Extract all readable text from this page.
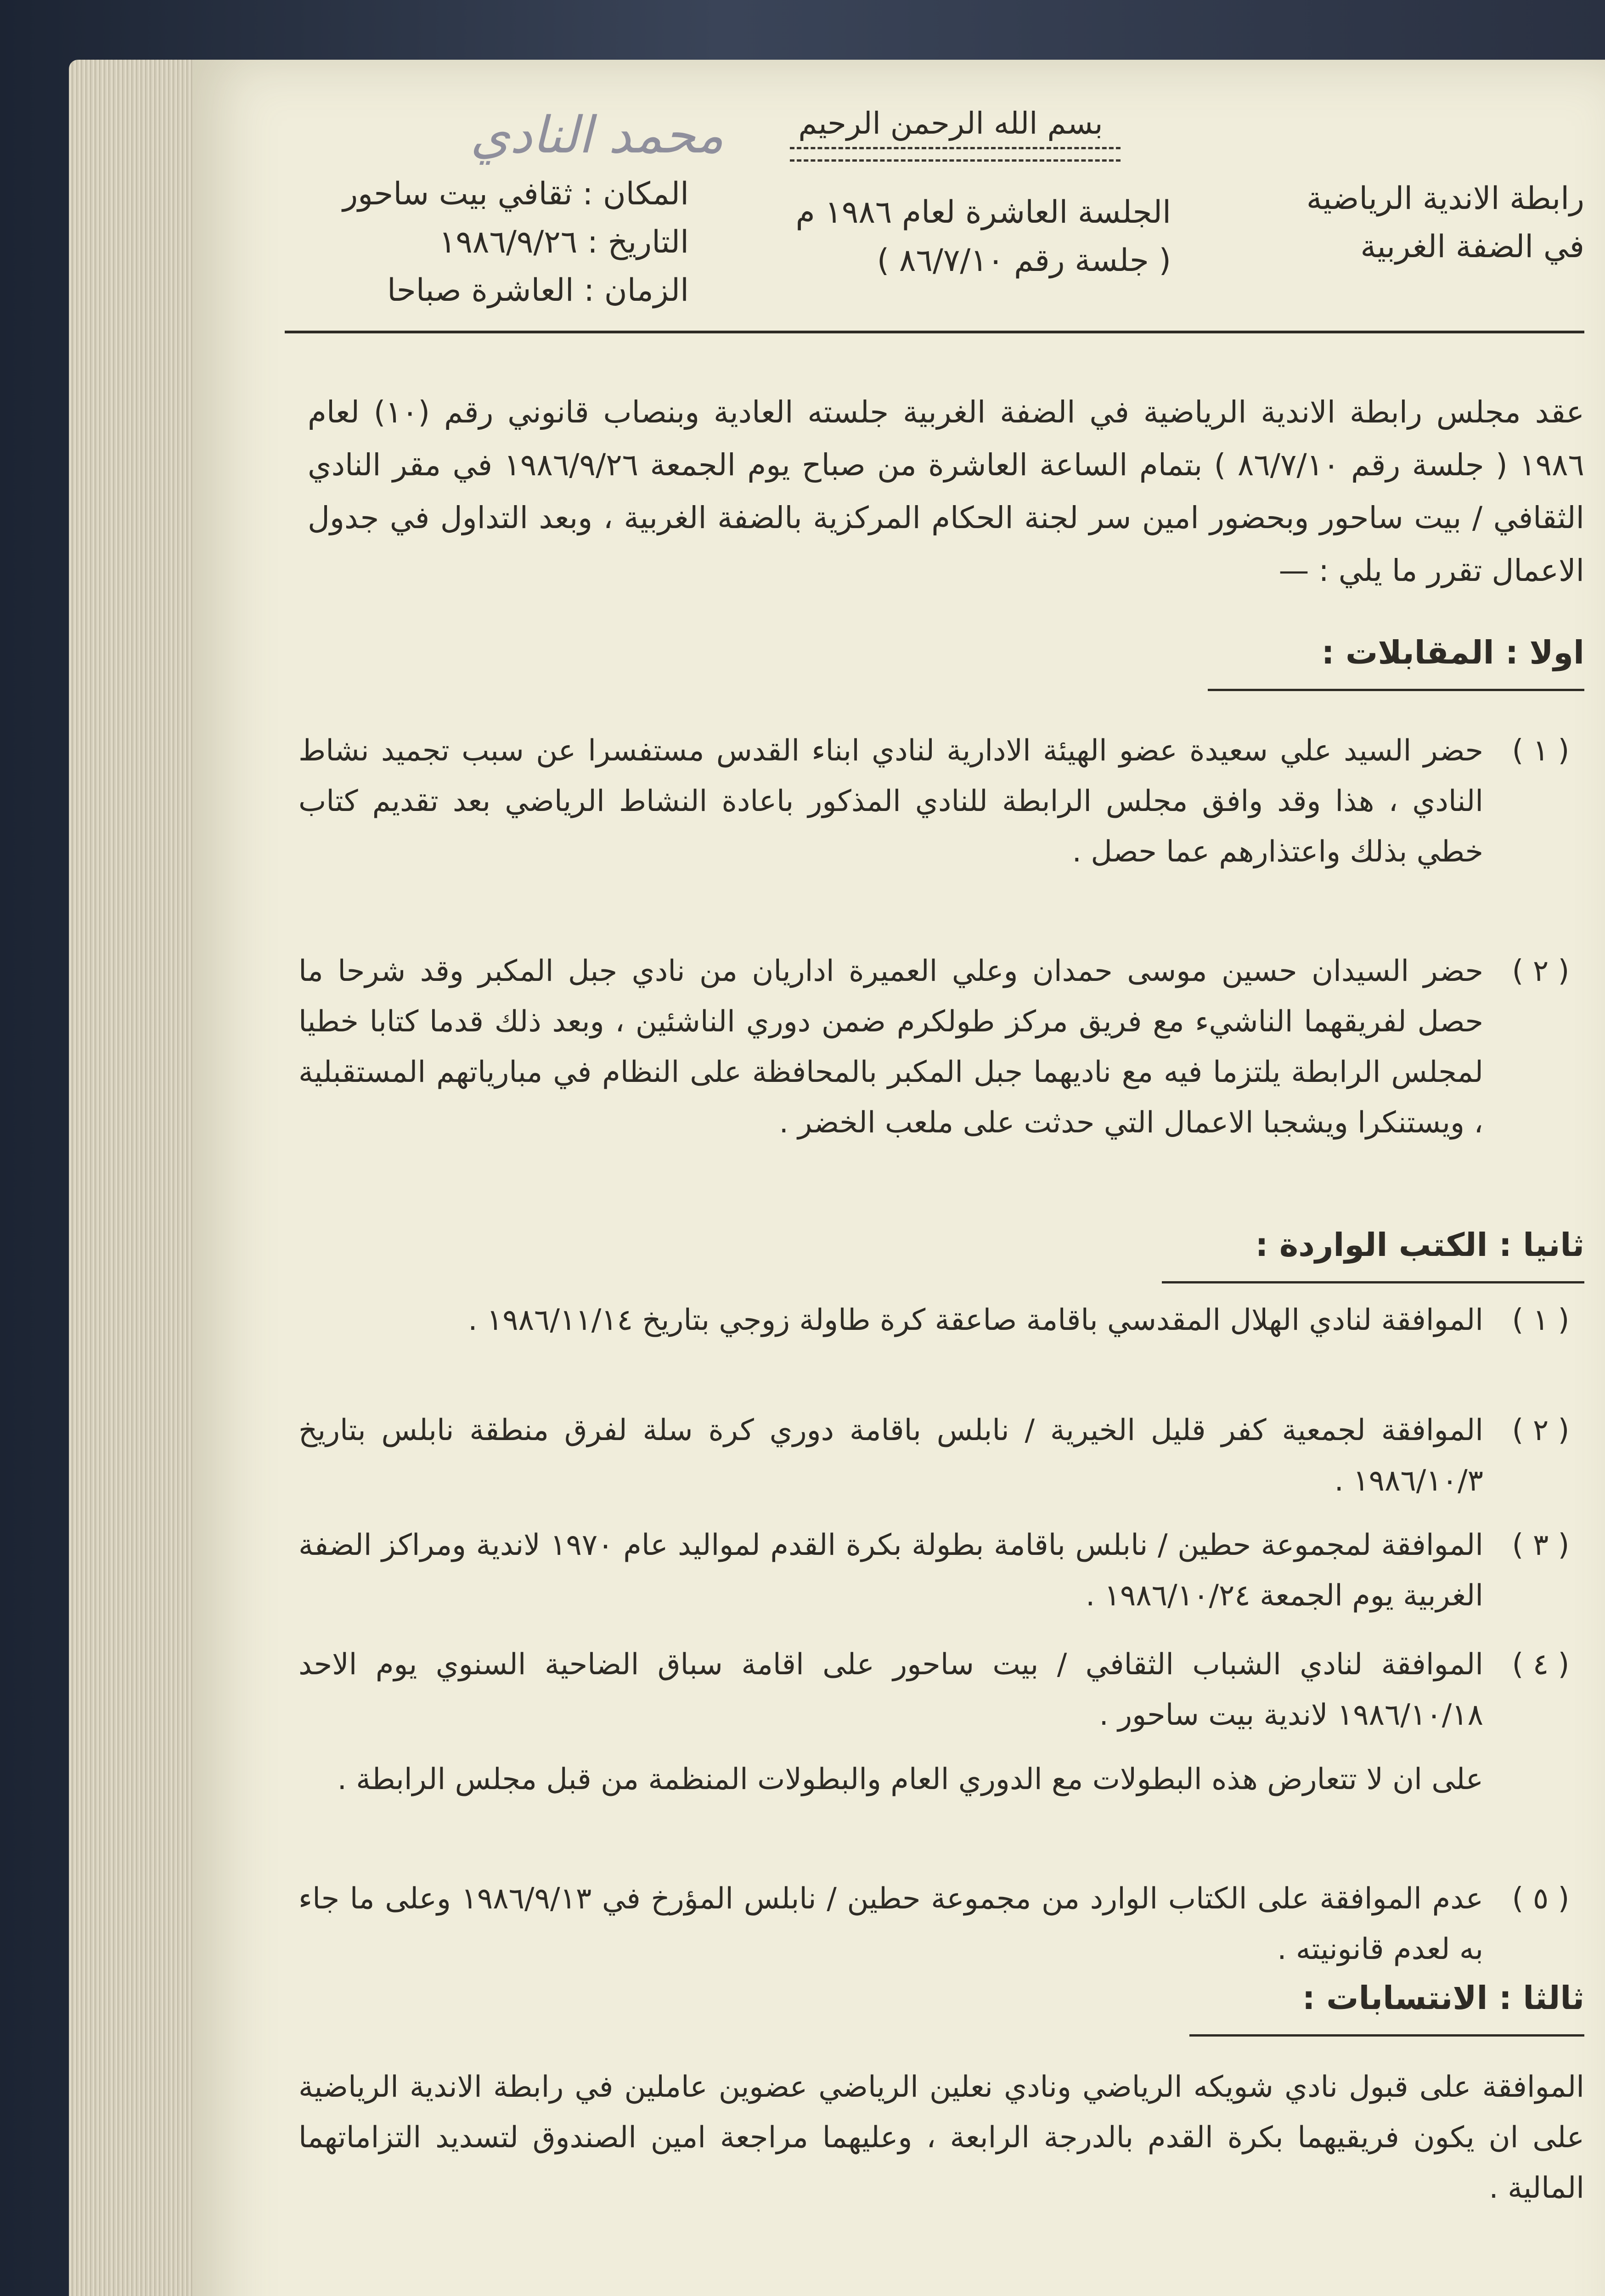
محمد النادي	بسم الله الرحمن الرحيم
رابطة الاندية الرياضية
في الضفة الغربية
الجلسة العاشرة لعام ١٩٨٦ م
( جلسة رقم ٨٦/٧/١٠ )
المكان : ثقافي بيت ساحور
التاريخ : ١٩٨٦/٩/٢٦
الزمان : العاشرة صباحا
عقد مجلس رابطة الاندية الرياضية في الضفة الغربية جلسته العادية وبنصاب قانوني رقم (١٠) لعام ١٩٨٦ ( جلسة رقم ٨٦/٧/١٠ ) بتمام الساعة العاشرة من صباح يوم الجمعة ١٩٨٦/٩/٢٦ في مقر النادي الثقافي / بيت ساحور وبحضور امين سر لجنة الحكام المركزية بالضفة الغربية ، وبعد التداول في جدول الاعمال تقرر ما يلي : —
اولا : المقابلات :
( ١ )
حضر السيد علي سعيدة عضو الهيئة الادارية لنادي ابناء القدس مستفسرا عن سبب تجميد نشاط النادي ، هذا وقد وافق مجلس الرابطة للنادي المذكور باعادة النشاط الرياضي بعد تقديم كتاب خطي بذلك واعتذارهم عما حصل .
( ٢ )
حضر السيدان حسين موسى حمدان وعلي العميرة اداريان من نادي جبل المكبر وقد شرحا ما حصل لفريقهما الناشيء مع فريق مركز طولكرم ضمن دوري الناشئين ، وبعد ذلك قدما كتابا خطيا لمجلس الرابطة يلتزما فيه مع ناديهما جبل المكبر بالمحافظة على النظام في مبارياتهم المستقبلية ، ويستنكرا ويشجبا الاعمال التي حدثت على ملعب الخضر .
ثانيا : الكتب الواردة :
( ١ )
الموافقة لنادي الهلال المقدسي باقامة صاعقة كرة طاولة زوجي بتاريخ ١٩٨٦/١١/١٤ .
( ٢ )
الموافقة لجمعية كفر قليل الخيرية / نابلس باقامة دوري كرة سلة لفرق منطقة نابلس بتاريخ ١٩٨٦/١٠/٣ .
( ٣ )
الموافقة لمجموعة حطين / نابلس باقامة بطولة بكرة القدم لمواليد عام ١٩٧٠ لاندية ومراكز الضفة الغربية يوم الجمعة ١٩٨٦/١٠/٢٤ .
( ٤ )
الموافقة لنادي الشباب الثقافي / بيت ساحور على اقامة سباق الضاحية السنوي يوم الاحد ١٩٨٦/١٠/١٨ لاندية بيت ساحور .
على ان لا تتعارض هذه البطولات مع الدوري العام والبطولات المنظمة من قبل مجلس الرابطة .
( ٥ )
عدم الموافقة على الكتاب الوارد من مجموعة حطين / نابلس المؤرخ في ١٩٨٦/٩/١٣ وعلى ما جاء به لعدم قانونيته .
ثالثا : الانتسابات :
الموافقة على قبول نادي شويكه الرياضي ونادي نعلين الرياضي عضوين عاملين في رابطة الاندية الرياضية على ان يكون فريقيهما بكرة القدم بالدرجة الرابعة ، وعليهما مراجعة امين الصندوق لتسديد التزاماتهما المالية .
